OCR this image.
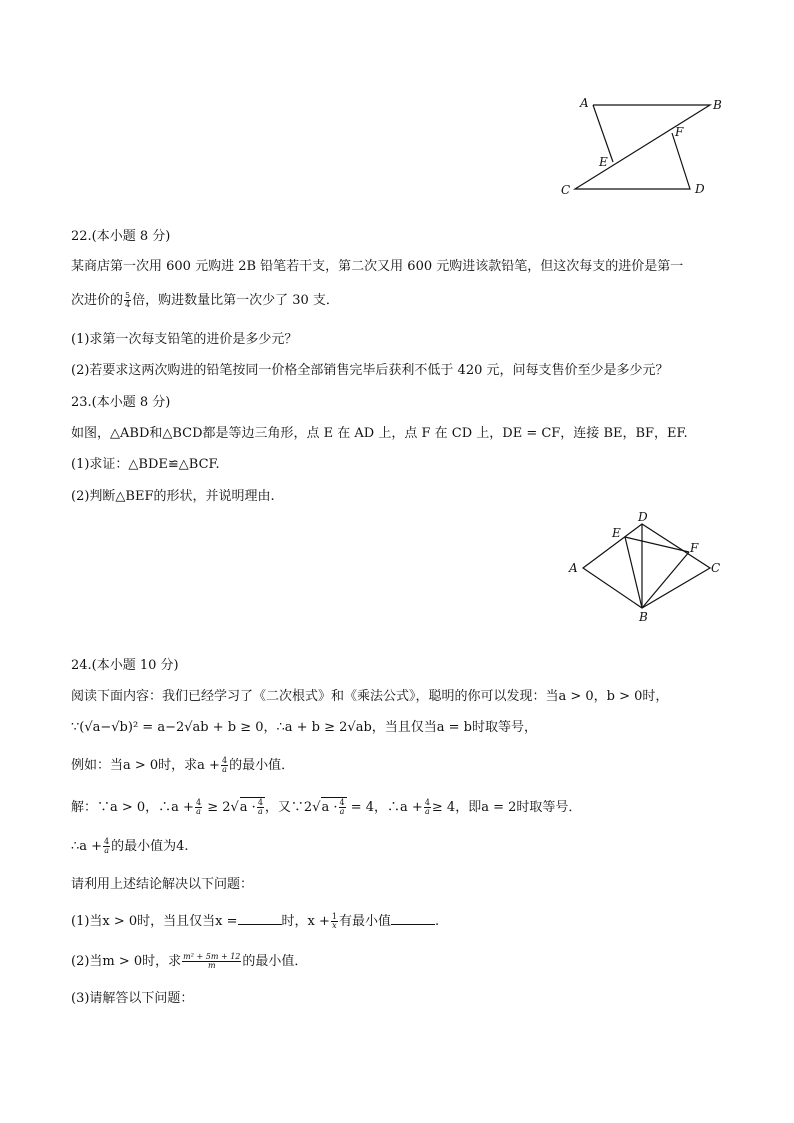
A	B
C	D
E
F
22.(本小题 8 分)
某商店第一次用 600 元购进 2B 铅笔若干支，第二次又用 600 元购进该款铅笔，但这次每支的进价是第一
次进价的 $\frac{5}{4}$ 倍，购进数量比第一次少了 30 支．
(1)求第一次每支铅笔的进价是多少元？
(2)若要求这两次购进的铅笔按同一价格全部销售完毕后获利不低于 420 元，问每支售价至少是多少元？
23.(本小题 8 分)
如图，△ABD和△BCD都是等边三角形，点 E 在 AD 上，点 F 在 CD 上，DE = CF，连接 BE，BF，EF.
(1)求证：△BDE≌△BCF.
(2)判断△BEF的形状，并说明理由.
D
E
F
A	C
B
24.(本小题 10 分)
阅读下面内容：我们已经学习了《二次根式》和《乘法公式》，聪明的你可以发现：当a > 0，b > 0时，
∵(√a−√b)² = a−2√ab + b ≥ 0，∴a + b ≥ 2√ab，当且仅当a = b时取等号，
例如：当a > 0时，求$a + \frac{4}{a}$ 的最小值．
解：∵a > 0，∴a + $\frac{4}{a} \ge 2√a \cdot \frac{4}{a}$ ，又∵2√a · $\frac{4}{a} = 4$，∴a + $\frac{4}{a} \ge 4$，即a = 2时取等号．
∴a + $\frac{4}{a}$ 的最小值为4.
请利用上述结论解决以下问题：
(1)当x > 0时，当且仅当x =	时，$x + \frac{1}{x}$ 有最小值	.
(2)当m > 0时，求 $\frac{\text{m² + 5m + 12}}{m}$ 的最小值．
(3)请解答以下问题：
